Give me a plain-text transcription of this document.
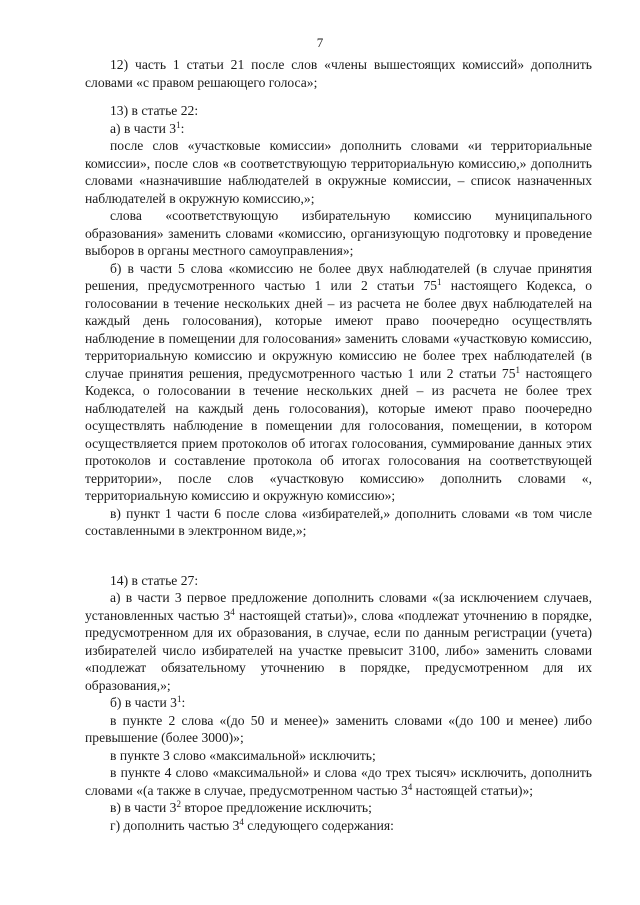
7

12) часть 1 статьи 21 после слов «члены вышестоящих комиссий» дополнить словами «с правом решающего голоса»;

13) в статье 22:

а) в части $3^1$:

после слов «участковые комиссии» дополнить словами «и территориальные комиссии», после слов «в соответствующую территориальную комиссию,» дополнить словами «назначившие наблюдателей в окружные комиссии, – список назначенных наблюдателей в окружную комиссию,»;

слова «соответствующую избирательную комиссию муниципального образования» заменить словами «комиссию, организующую подготовку и проведение выборов в органы местного самоуправления»;

б) в части 5 слова «комиссию не более двух наблюдателей (в случае принятия решения, предусмотренного частью 1 или 2 статьи $75^1$ настоящего Кодекса, о голосовании в течение нескольких дней – из расчета не более двух наблюдателей на каждый день голосования), которые имеют право поочередно осуществлять наблюдение в помещении для голосования» заменить словами «участковую комиссию, территориальную комиссию и окружную комиссию не более трех наблюдателей (в случае принятия решения, предусмотренного частью 1 или 2 статьи $75^1$ настоящего Кодекса, о голосовании в течение нескольких дней – из расчета не более трех наблюдателей на каждый день голосования), которые имеют право поочередно осуществлять наблюдение в помещении для голосования, помещении, в котором осуществляется прием протоколов об итогах голосования, суммирование данных этих протоколов и составление протокола об итогах голосования на соответствующей территории», после слов «участковую комиссию» дополнить словами «, территориальную комиссию и окружную комиссию»;

в) пункт 1 части 6 после слова «избирателей,» дополнить словами «в том числе составленными в электронном виде,»;

14) в статье 27:

а) в части 3 первое предложение дополнить словами «(за исключением случаев, установленных частью $3^4$ настоящей статьи)», слова «подлежат уточнению в порядке, предусмотренном для их образования, в случае, если по данным регистрации (учета) избирателей число избирателей на участке превысит 3100, либо» заменить словами «подлежат обязательному уточнению в порядке, предусмотренном для их образования,»;

б) в части $3^1$:

в пункте 2 слова «(до 50 и менее)» заменить словами «(до 100 и менее) либо превышение (более 3000)»;

в пункте 3 слово «максимальной» исключить;

в пункте 4 слово «максимальной» и слова «до трех тысяч» исключить, дополнить словами «(а также в случае, предусмотренном частью $3^4$ настоящей статьи)»;

в) в части $3^2$ второе предложение исключить;

г) дополнить частью $3^4$ следующего содержания:
